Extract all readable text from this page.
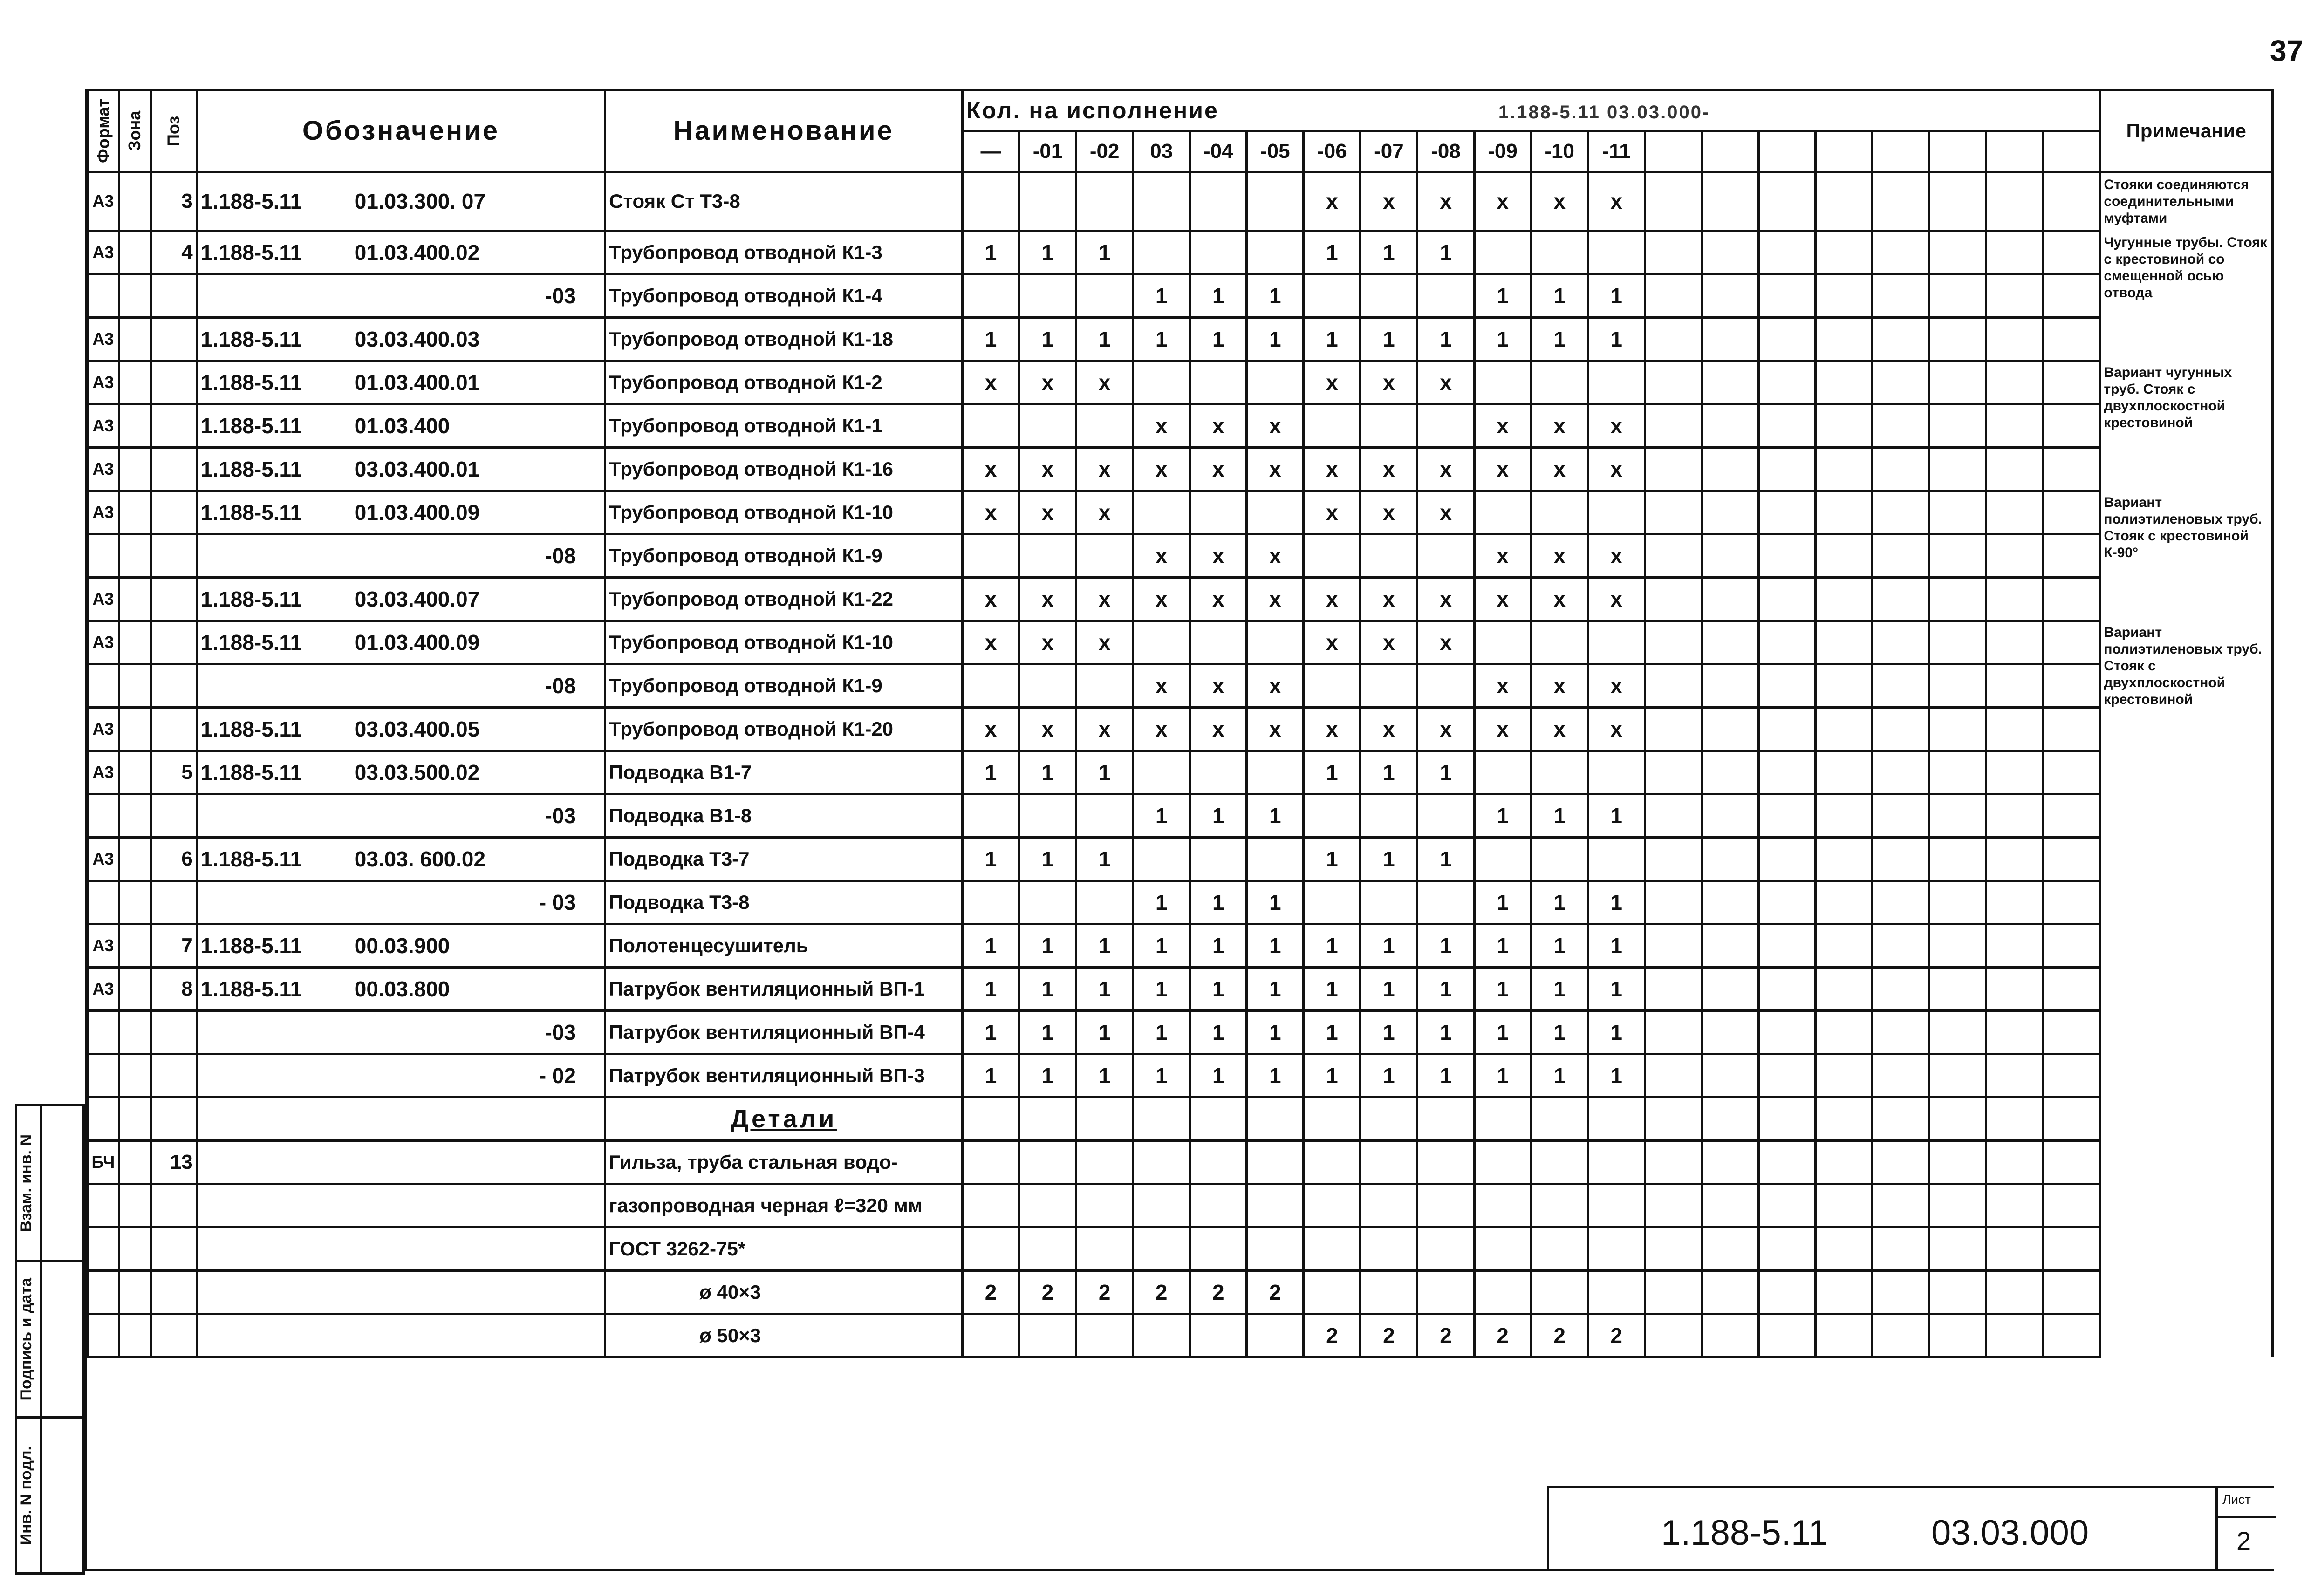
37
Формат	Зона	Поз	Обозначение	Наименование	Кол. на исполнение 1.188-5.11 03.03.000-																				Примечание
					—	-01	-02	03	-04	-05	-06	-07	-08	-09	-10	-11									
А3		3	1.188-5.11 01.03.300. 07	Стояк Ст Т3-8							x	x	x	x	x	x									Стояки соединяются соединительными муфтами
А3		4	1.188-5.11 01.03.400.02	Трубопровод отводной К1-3	1	1	1				1	1	1												Чугунные трубы. Стояк с крестовиной со смещенной осью отвода
			-03	Трубопровод отводной К1-4				1	1	1				1	1	1									
А3			1.188-5.11 03.03.400.03	Трубопровод отводной К1-18	1	1	1	1	1	1	1	1	1	1	1	1									
А3			1.188-5.11 01.03.400.01	Трубопровод отводной К1-2	x	x	x				x	x	x												Вариант чугунных труб. Стояк с двухплоскостной крестовиной
А3			1.188-5.11 01.03.400	Трубопровод отводной К1-1				x	x	x				x	x	x									
А3			1.188-5.11 03.03.400.01	Трубопровод отводной К1-16	x	x	x	x	x	x	x	x	x	x	x	x									
А3			1.188-5.11 01.03.400.09	Трубопровод отводной К1-10	x	x	x				x	x	x												Вариант полиэтиленовых труб. Стояк с крестовиной К-90°
			-08	Трубопровод отводной К1-9				x	x	x				x	x	x									
А3			1.188-5.11 03.03.400.07	Трубопровод отводной К1-22	x	x	x	x	x	x	x	x	x	x	x	x									
А3			1.188-5.11 01.03.400.09	Трубопровод отводной К1-10	x	x	x				x	x	x												Вариант полиэтиленовых труб. Стояк с двухплоскостной крестовиной
			-08	Трубопровод отводной К1-9				x	x	x				x	x	x									
А3			1.188-5.11 03.03.400.05	Трубопровод отводной К1-20	x	x	x	x	x	x	x	x	x	x	x	x									
А3		5	1.188-5.11 03.03.500.02	Подводка В1-7	1	1	1				1	1	1												
			-03	Подводка В1-8				1	1	1				1	1	1									
А3		6	1.188-5.11 03.03. 600.02	Подводка Т3-7	1	1	1				1	1	1												
			- 03	Подводка Т3-8				1	1	1				1	1	1									
А3		7	1.188-5.11 00.03.900	Полотенцесушитель	1	1	1	1	1	1	1	1	1	1	1	1									
А3		8	1.188-5.11 00.03.800	Патрубок вентиляционный ВП-1	1	1	1	1	1	1	1	1	1	1	1	1									
			-03	Патрубок вентиляционный ВП-4	1	1	1	1	1	1	1	1	1	1	1	1									
			- 02	Патрубок вентиляционный ВП-3	1	1	1	1	1	1	1	1	1	1	1	1									
				Детали																					
БЧ		13		Гильза, труба стальная водо-																					
				газопроводная черная ℓ=320 мм																					
				ГОСТ 3262-75*																					
				ø 40×3	2	2	2	2	2	2															
				ø 50×3							2	2	2	2	2	2									
Взам. инв. N	

Подпись и дата	

Инв. N подл.	
		1.188-5.11	03.03.000
Лист
2
